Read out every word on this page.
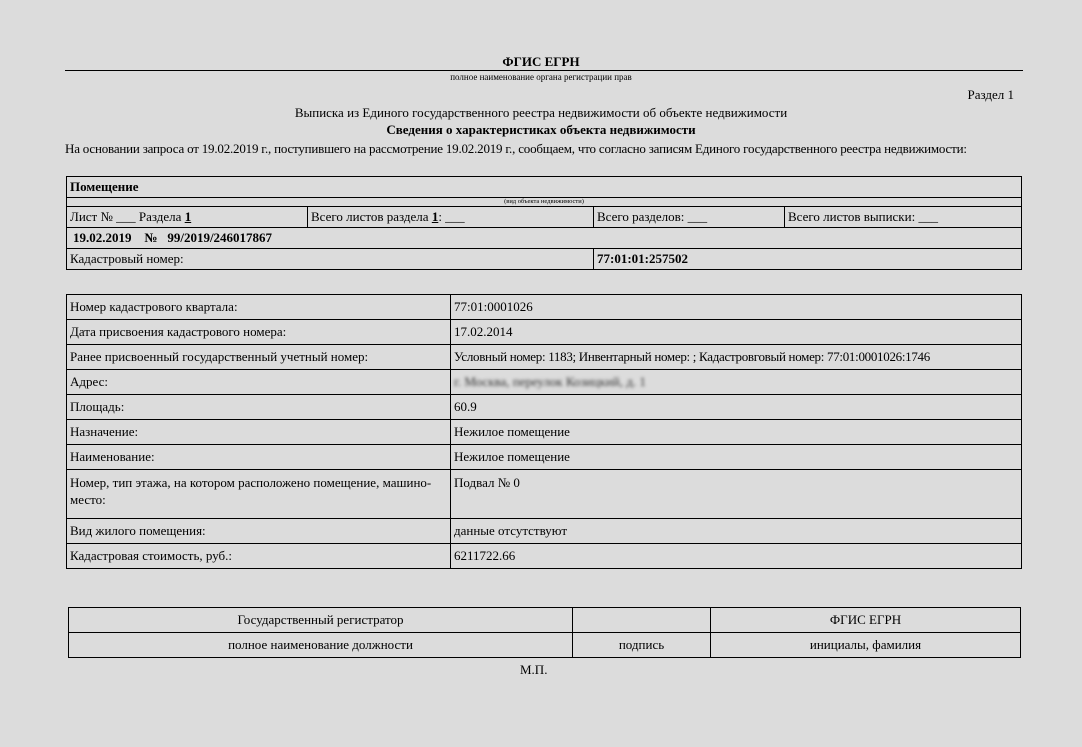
ФГИС ЕГРН
полное наименование органа регистрации прав
Раздел 1
Выписка из Единого государственного реестра недвижимости об объекте недвижимости
Сведения о характеристиках объекта недвижимости
На основании запроса от 19.02.2019 г., поступившего на рассмотрение 19.02.2019 г., сообщаем, что согласно записям Единого государственного реестра недвижимости:
Помещение			
(вид объекта недвижимости)			
Лист № ___ Раздела 1	Всего листов раздела 1: ___	Всего разделов: ___	Всего листов выписки: ___
19.02.2019 № 99/2019/246017867			
Кадастровый номер:		77:01:01:257502	
Номер кадастрового квартала:	77:01:0001026
Дата присвоения кадастрового номера:	17.02.2014
Ранее присвоенный государственный учетный номер:	Условный номер: 1183; Инвентарный номер: ; Кадастровговый номер: 77:01:0001026:1746
Адрес:	г. Москва, переулок Козицкий, д. 1
Площадь:	60.9
Назначение:	Нежилое помещение
Наименование:	Нежилое помещение
Номер, тип этажа, на котором расположено помещение, машино-место:	Подвал № 0
Вид жилого помещения:	данные отсутствуют
Кадастровая стоимость, руб.:	6211722.66
Государственный регистратор		ФГИС ЕГРН
полное наименование должности	подпись	инициалы, фамилия
М.П.
